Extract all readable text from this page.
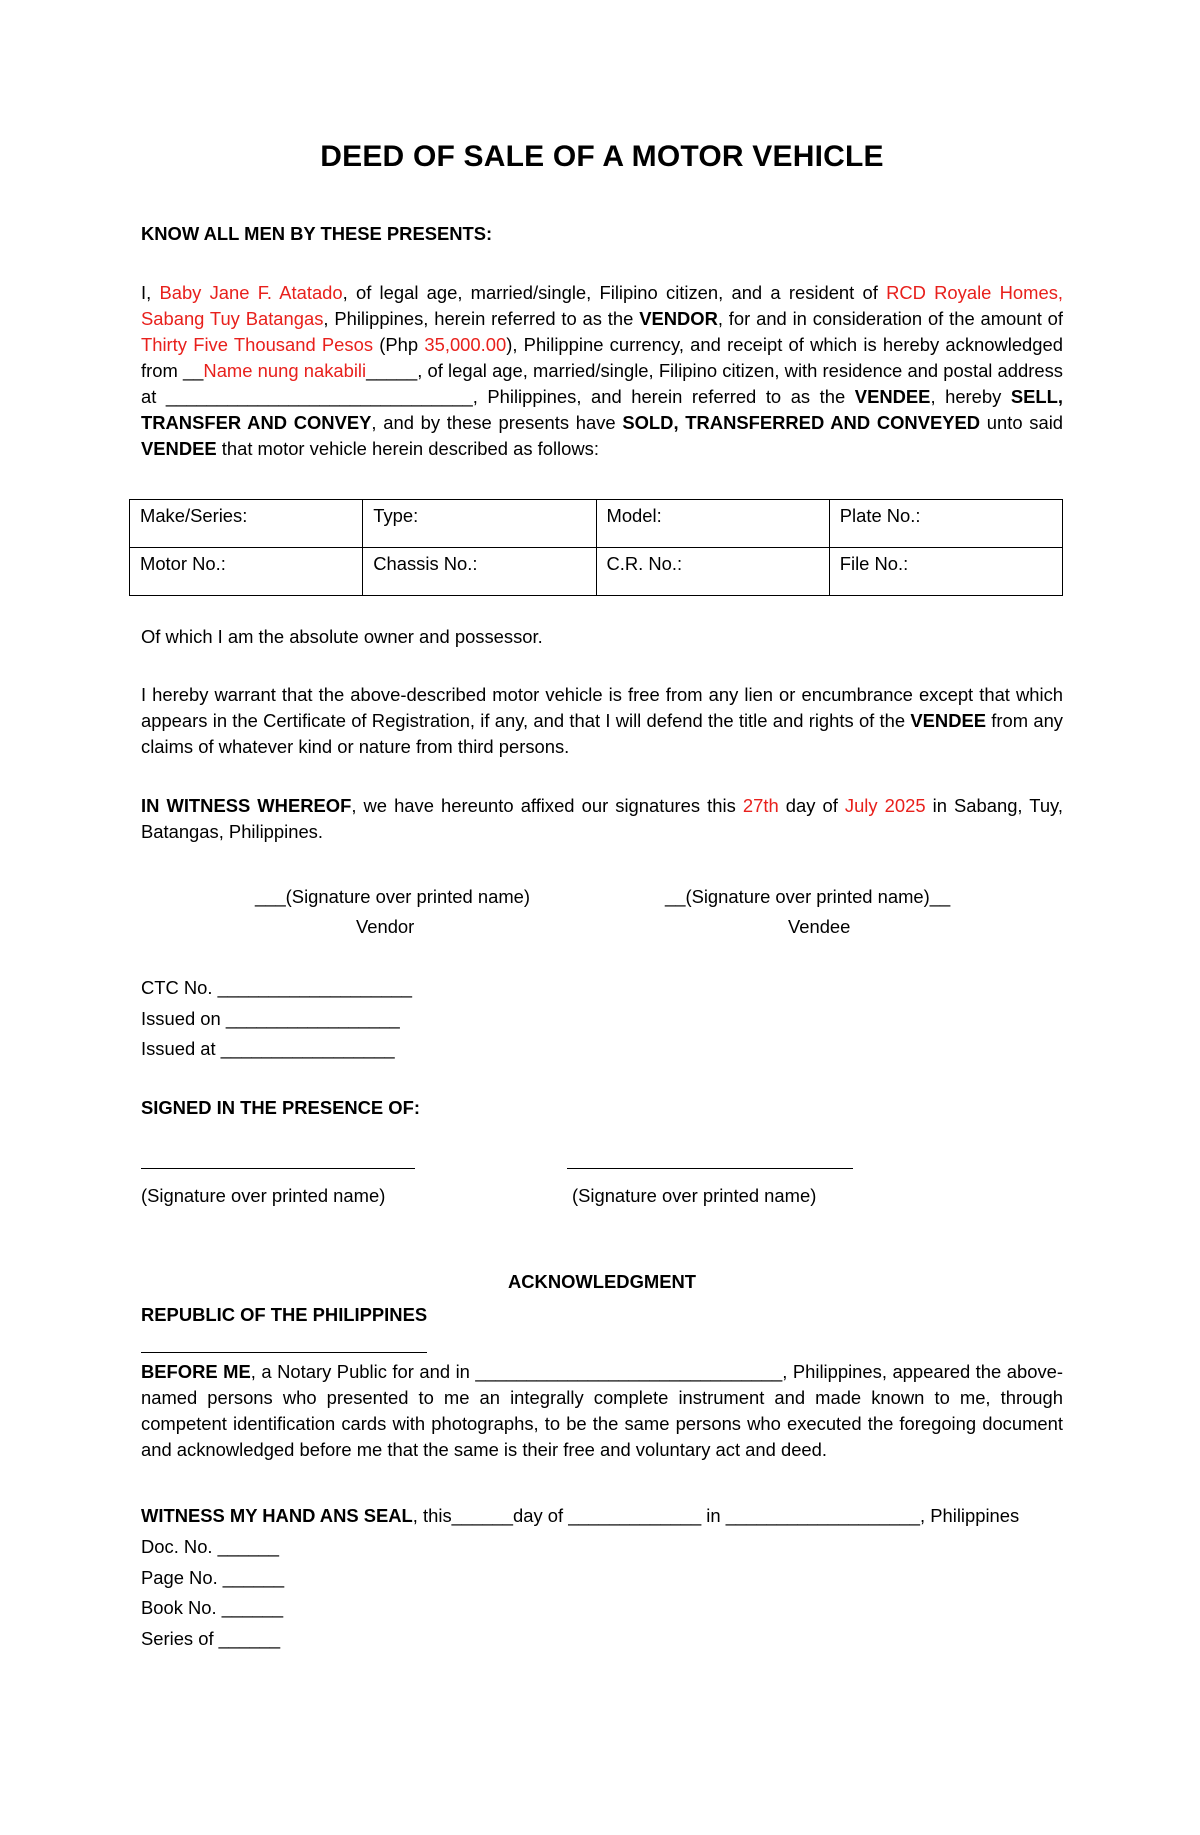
DEED OF SALE OF A MOTOR VEHICLE
KNOW ALL MEN BY THESE PRESENTS:
I, Baby Jane F. Atatado, of legal age, married/single, Filipino citizen, and a resident of RCD Royale Homes, Sabang Tuy Batangas, Philippines, herein referred to as the VENDOR, for and in consideration of the amount of Thirty Five Thousand Pesos (Php 35,000.00), Philippine currency, and receipt of which is hereby acknowledged from __Name nung nakabili_____, of legal age, married/single, Filipino citizen, with residence and postal address at ______________________________, Philippines, and herein referred to as the VENDEE, hereby SELL, TRANSFER AND CONVEY, and by these presents have SOLD, TRANSFERRED AND CONVEYED unto said VENDEE that motor vehicle herein described as follows:
Make/Series:	Type:	Model:	Plate No.:
Motor No.:	Chassis No.:	C.R. No.:	File No.:
Of which I am the absolute owner and possessor.
I hereby warrant that the above-described motor vehicle is free from any lien or encumbrance except that which appears in the Certificate of Registration, if any, and that I will defend the title and rights of the VENDEE from any claims of whatever kind or nature from third persons.
IN WITNESS WHEREOF, we have hereunto affixed our signatures this 27th day of July 2025 in Sabang, Tuy, Batangas, Philippines.
___(Signature over printed name)
Vendor
__(Signature over printed name)__
Vendee
CTC No. ___________________
Issued on _________________
Issued at _________________
SIGNED IN THE PRESENCE OF:
(Signature over printed name)	(Signature over printed name)
ACKNOWLEDGMENT
REPUBLIC OF THE PHILIPPINES
BEFORE ME, a Notary Public for and in ______________________________, Philippines, appeared the above-named persons who presented to me an integrally complete instrument and made known to me, through competent identification cards with photographs, to be the same persons who executed the foregoing document and acknowledged before me that the same is their free and voluntary act and deed.
WITNESS MY HAND ANS SEAL, this______day of _____________ in ___________________, Philippines
Doc. No. ______
Page No. ______
Book No. ______
Series of ______
